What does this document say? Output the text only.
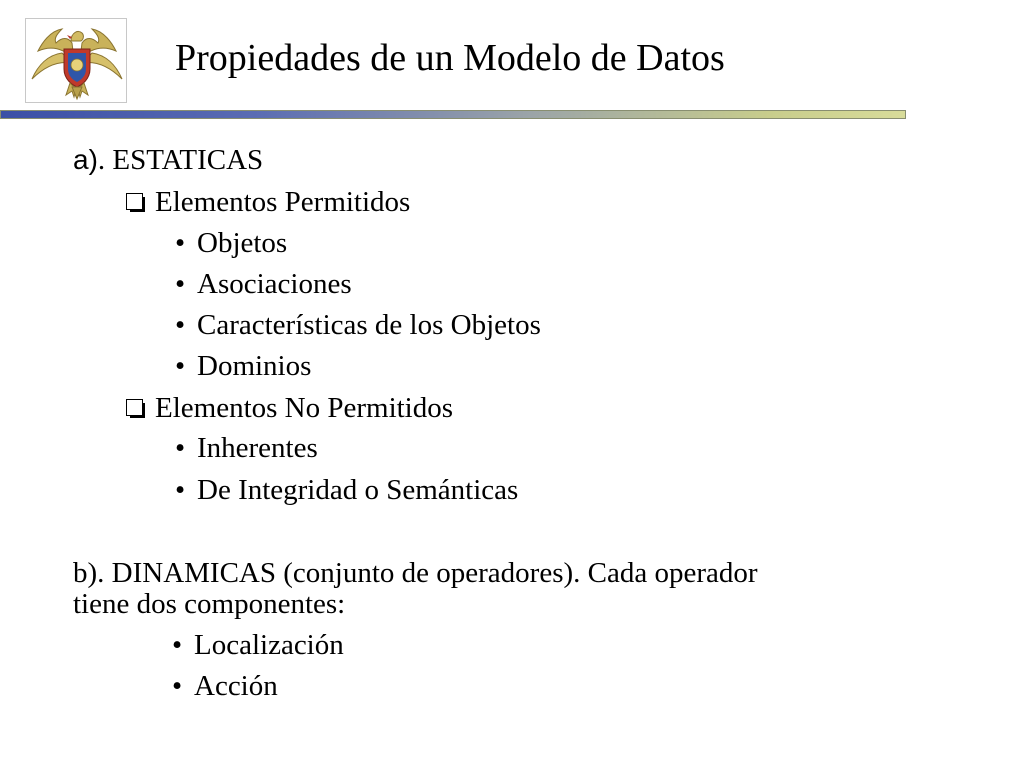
Propiedades de un Modelo de Datos
a). ESTATICAS
Elementos Permitidos
• Objetos
• Asociaciones
• Características de los Objetos
• Dominios
Elementos No Permitidos
• Inherentes
• De Integridad o Semánticas
b). DINAMICAS (conjunto de operadores). Cada operador
tiene dos componentes:
• Localización
• Acción
